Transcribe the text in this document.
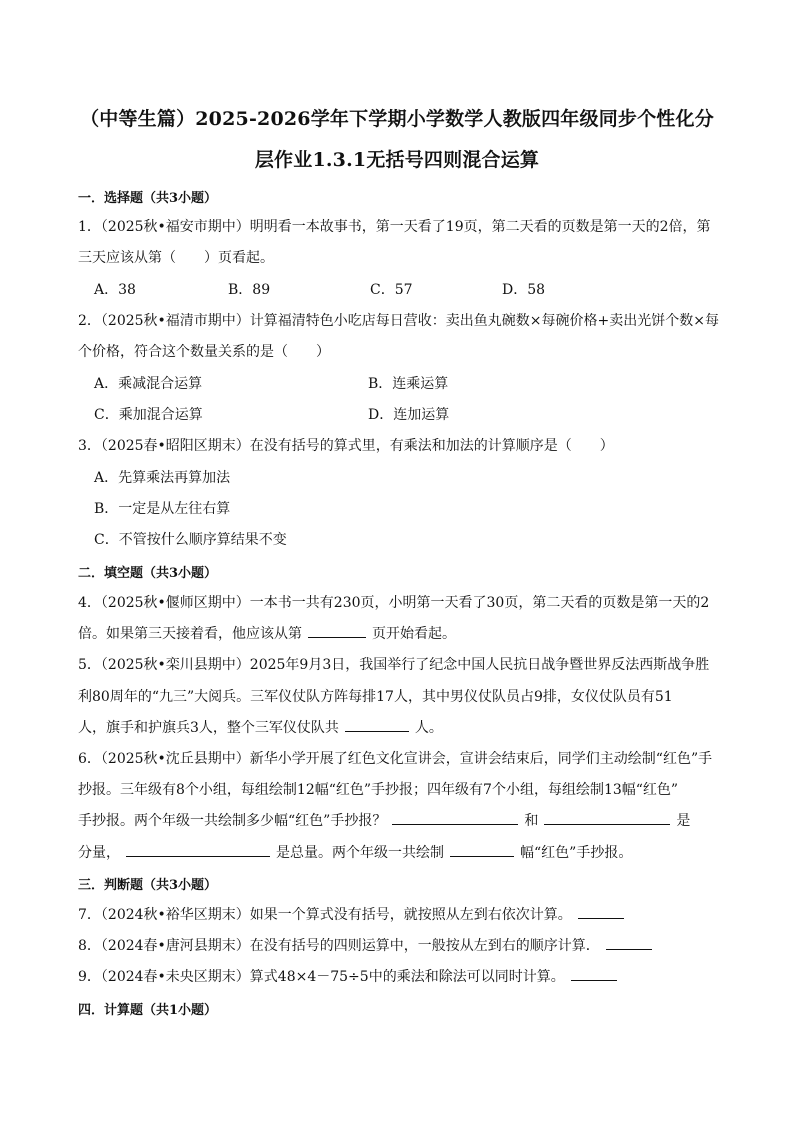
（中等生篇）2025-2026学年下学期小学数学人教版四年级同步个性化分
层作业1.3.1无括号四则混合运算
一．选择题（共3小题）
1．（2025秋•福安市期中）明明看一本故事书，第一天看了19页，第二天看的页数是第一天的2倍，第
三天应该从第（　　）页看起。
A．38	B．89	C．57	D．58
2．（2025秋•福清市期中）计算福清特色小吃店每日营收：卖出鱼丸碗数×每碗价格+卖出光饼个数×每
个价格，符合这个数量关系的是（　　）
A．乘减混合运算	B．连乘运算
C．乘加混合运算	D．连加运算
3．（2025春•昭阳区期末）在没有括号的算式里，有乘法和加法的计算顺序是（　　）
A．先算乘法再算加法
B．一定是从左往右算
C．不管按什么顺序算结果不变
二．填空题（共3小题）
4．（2025秋•偃师区期中）一本书一共有230页，小明第一天看了30页，第二天看的页数是第一天的2
倍。如果第三天接着看，他应该从第	页开始看起。
5．（2025秋•栾川县期中）2025年9月3日，我国举行了纪念中国人民抗日战争暨世界反法西斯战争胜
利80周年的“九三”大阅兵。三军仪仗队方阵每排17人，其中男仪仗队员占9排，女仪仗队员有51
人，旗手和护旗兵3人，整个三军仪仗队共	人。
6．（2025秋•沈丘县期中）新华小学开展了红色文化宣讲会，宣讲会结束后，同学们主动绘制“红色”手
抄报。三年级有8个小组，每组绘制12幅“红色”手抄报；四年级有7个小组，每组绘制13幅“红色”
手抄报。两个年级一共绘制多少幅“红色”手抄报？	和	是
分量，	是总量。两个年级一共绘制	幅“红色”手抄报。
三．判断题（共3小题）
7．（2024秋•裕华区期末）如果一个算式没有括号，就按照从左到右依次计算。
8．（2024春•唐河县期末）在没有括号的四则运算中，一般按从左到右的顺序计算．
9．（2024春•未央区期末）算式48×4－75÷5中的乘法和除法可以同时计算。
四．计算题（共1小题）
